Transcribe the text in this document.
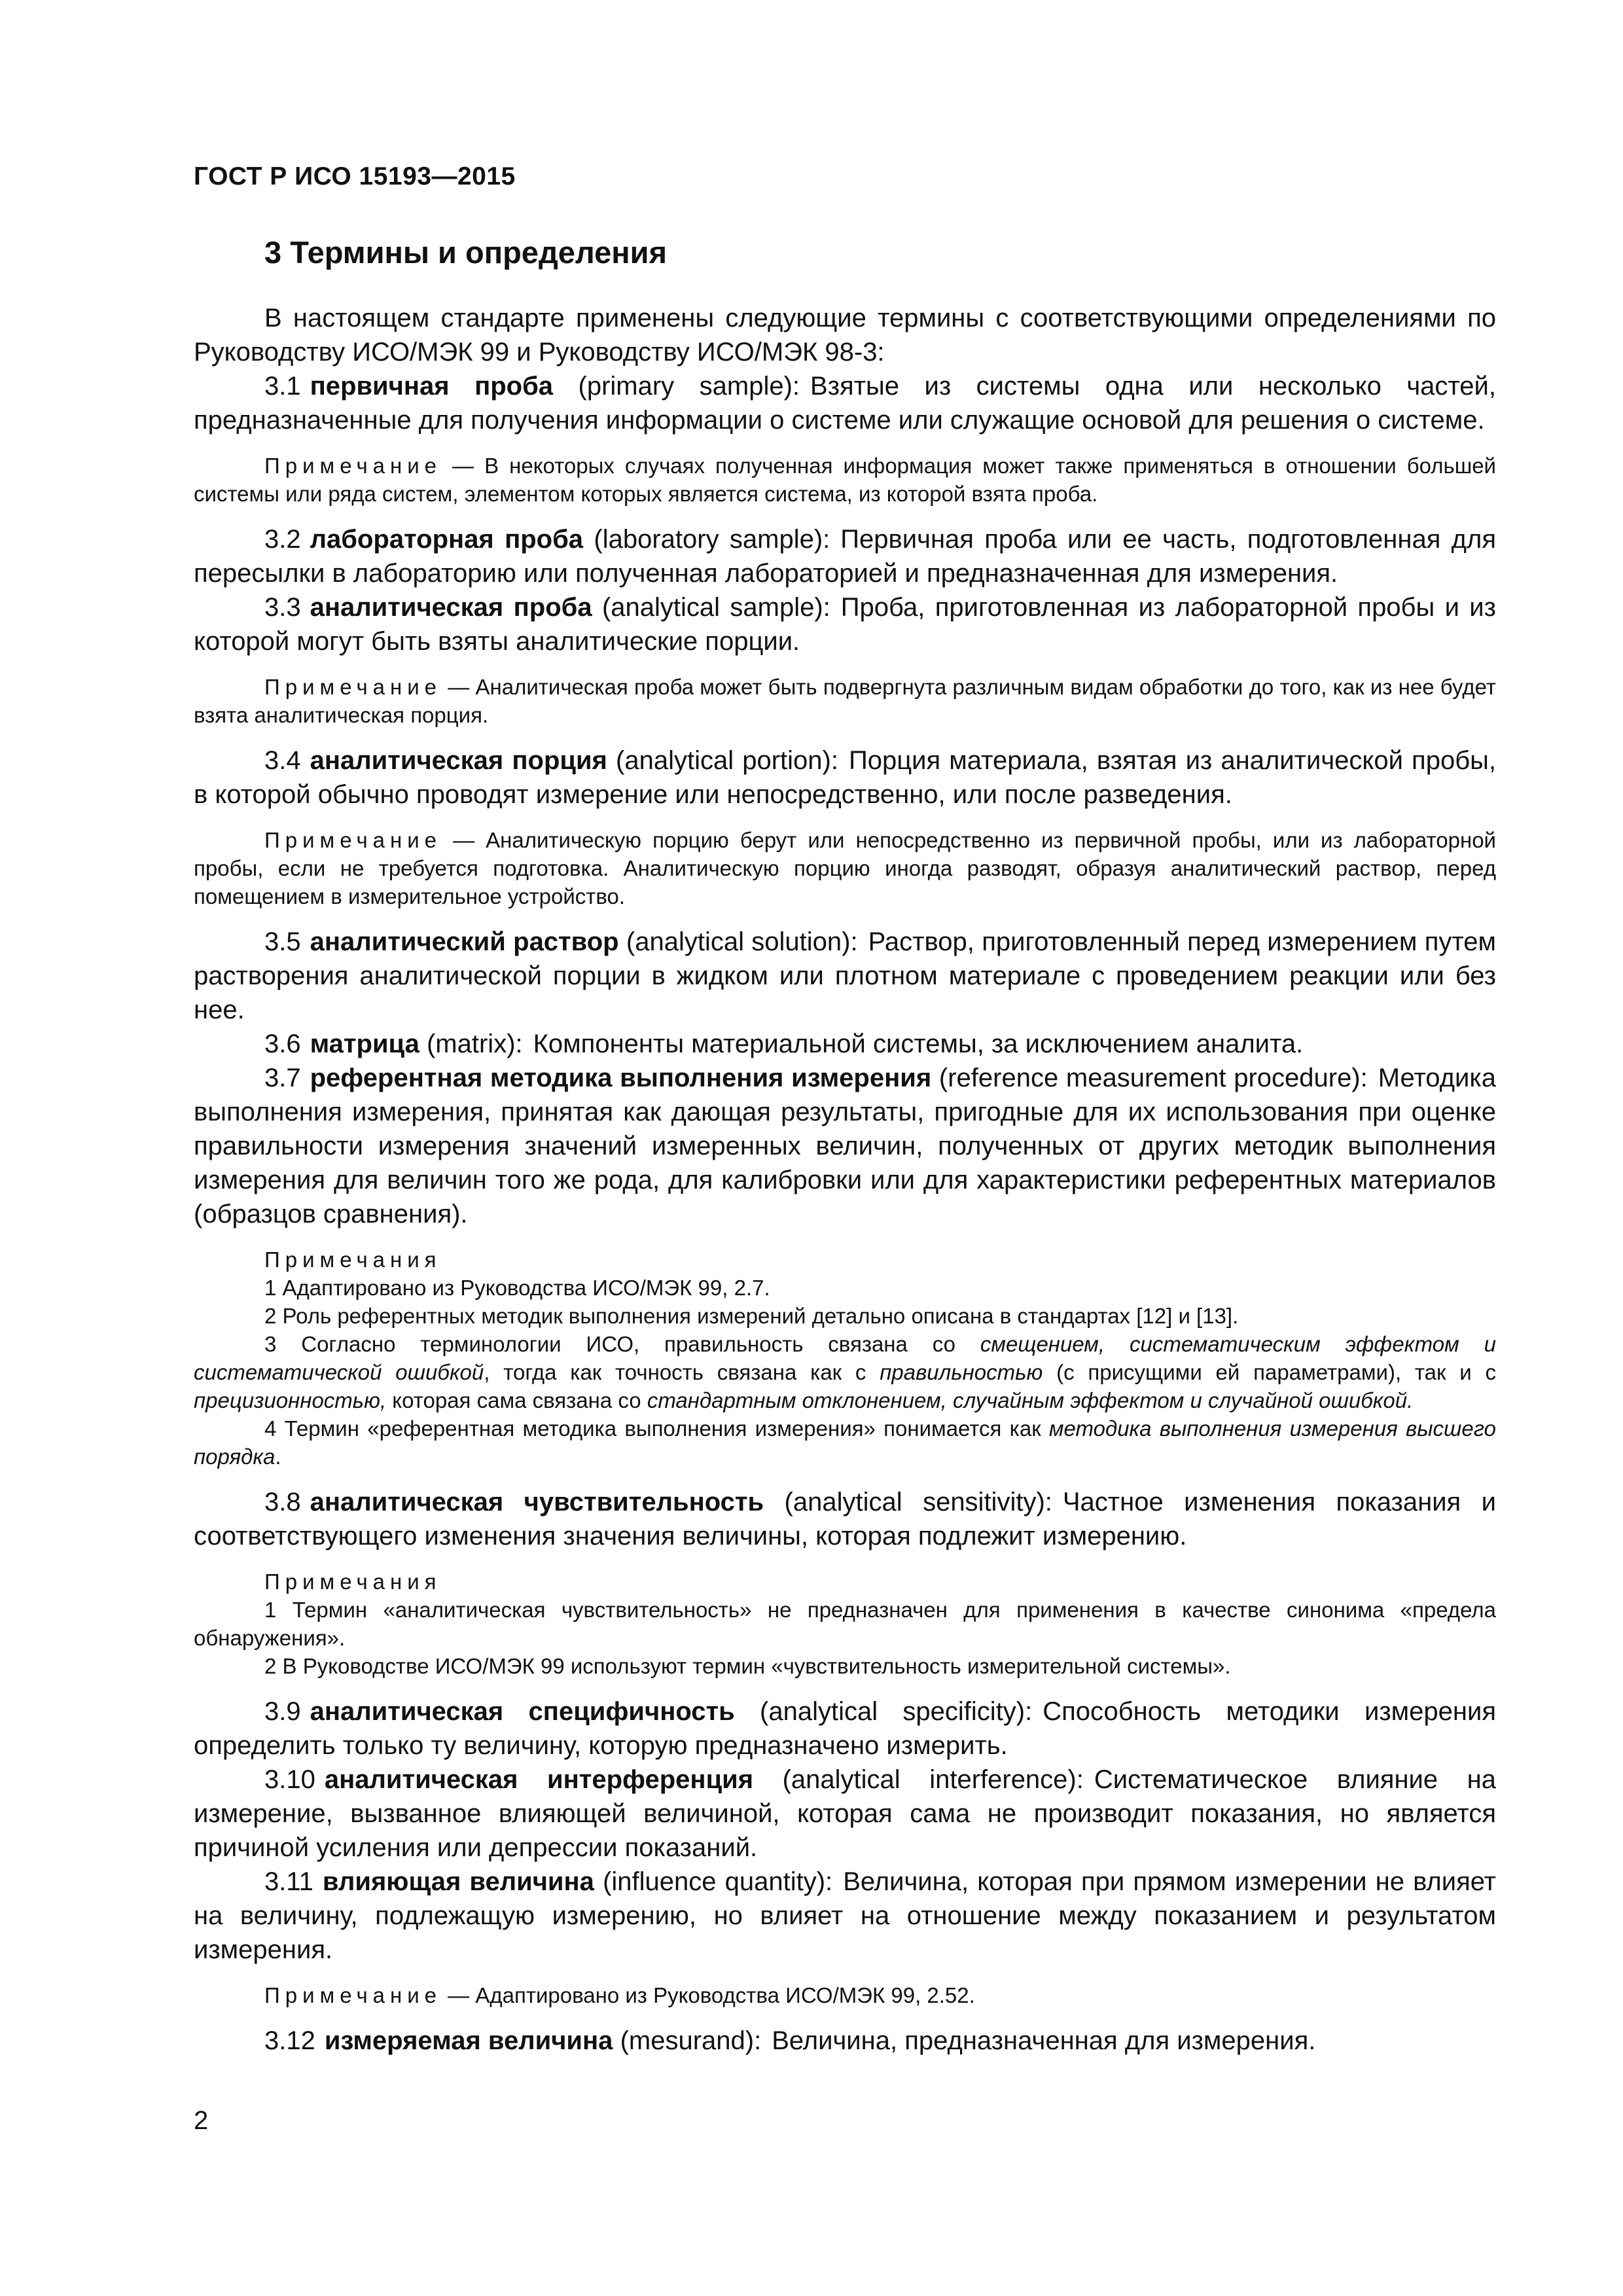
ГОСТ Р ИСО 15193—2015
3 Термины и определения

В настоящем стандарте применены следующие термины с соответствующими определениями по Руководству ИСО/МЭК 99 и Руководству ИСО/МЭК 98-3:

3.1 первичная проба (primary sample): Взятые из системы одна или несколько частей, предназначенные для получения информации о системе или служащие основой для решения о системе.

Примечание — В некоторых случаях полученная информация может также применяться в отношении большей системы или ряда систем, элементом которых является система, из которой взята проба.

3.2 лабораторная проба (laboratory sample): Первичная проба или ее часть, подготовленная для пересылки в лабораторию или полученная лабораторией и предназначенная для измерения.

3.3 аналитическая проба (analytical sample): Проба, приготовленная из лабораторной пробы и из которой могут быть взяты аналитические порции.

Примечание — Аналитическая проба может быть подвергнута различным видам обработки до того, как из нее будет взята аналитическая порция.

3.4 аналитическая порция (analytical portion): Порция материала, взятая из аналитической пробы, в которой обычно проводят измерение или непосредственно, или после разведения.

Примечание — Аналитическую порцию берут или непосредственно из первичной пробы, или из лабораторной пробы, если не требуется подготовка. Аналитическую порцию иногда разводят, образуя аналитический раствор, перед помещением в измерительное устройство.

3.5 аналитический раствор (analytical solution): Раствор, приготовленный перед измерением путем растворения аналитической порции в жидком или плотном материале с проведением реакции или без нее.

3.6 матрица (matrix): Компоненты материальной системы, за исключением аналита.

3.7 референтная методика выполнения измерения (reference measurement procedure): Методика выполнения измерения, принятая как дающая результаты, пригодные для их использования при оценке правильности измерения значений измеренных величин, полученных от других методик выполнения измерения для величин того же рода, для калибровки или для характеристики референтных материалов (образцов сравнения).

Примечания

1 Адаптировано из Руководства ИСО/МЭК 99, 2.7.

2 Роль референтных методик выполнения измерений детально описана в стандартах [12] и [13].

3 Согласно терминологии ИСО, правильность связана со смещением, систематическим эффектом и систематической ошибкой, тогда как точность связана как с правильностью (с присущими ей параметрами), так и с прецизионностью, которая сама связана со стандартным отклонением, случайным эффектом и случайной ошибкой.

4 Термин «референтная методика выполнения измерения» понимается как методика выполнения измерения высшего порядка.

3.8 аналитическая чувствительность (analytical sensitivity): Частное изменения показания и соответствующего изменения значения величины, которая подлежит измерению.

Примечания

1 Термин «аналитическая чувствительность» не предназначен для применения в качестве синонима «предела обнаружения».

2 В Руководстве ИСО/МЭК 99 используют термин «чувствительность измерительной системы».

3.9 аналитическая специфичность (analytical specificity): Способность методики измерения определить только ту величину, которую предназначено измерить.

3.10 аналитическая интерференция (analytical interference): Систематическое влияние на измерение, вызванное влияющей величиной, которая сама не производит показания, но является причиной усиления или депрессии показаний.

3.11 влияющая величина (influence quantity): Величина, которая при прямом измерении не влияет на величину, подлежащую измерению, но влияет на отношение между показанием и результатом измерения.

Примечание — Адаптировано из Руководства ИСО/МЭК 99, 2.52.

3.12 измеряемая величина (mesurand): Величина, предназначенная для измерения.

2
